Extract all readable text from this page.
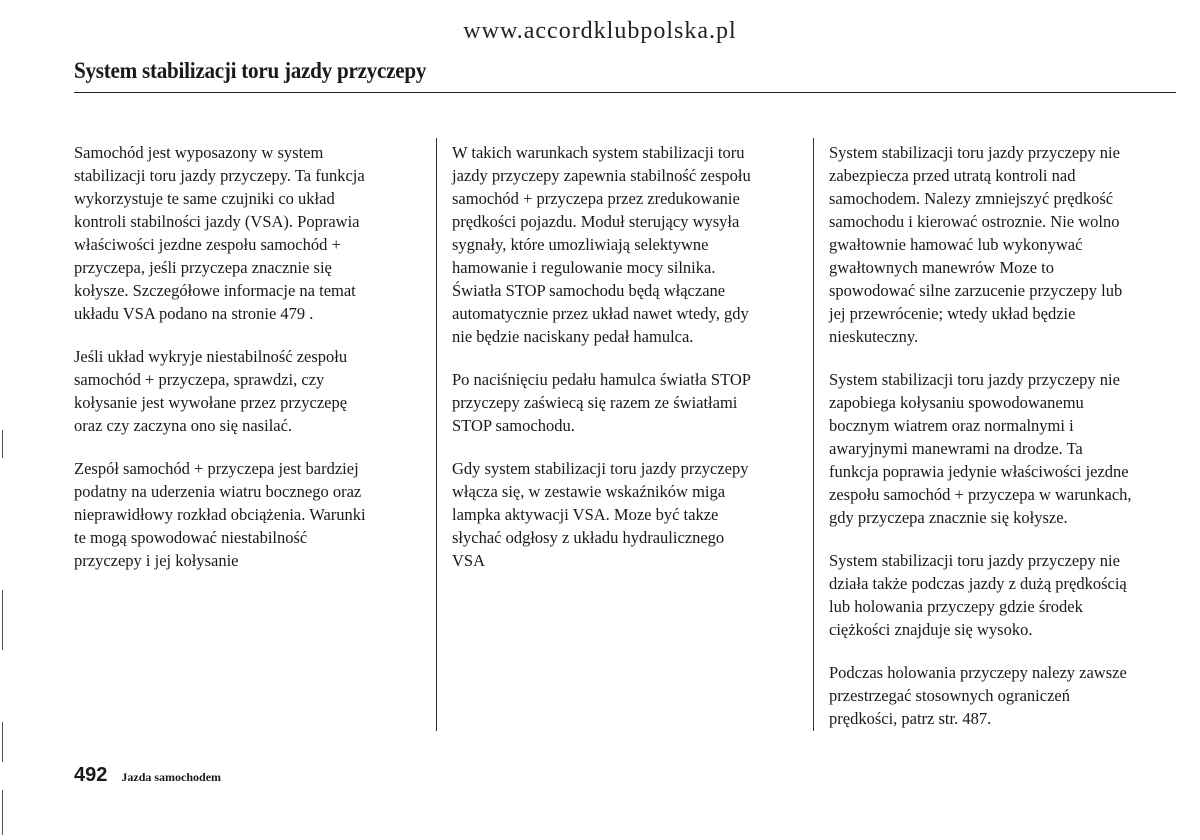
www.accordklubpolska.pl
System stabilizacji toru jazdy przyczepy

Samochód jest wyposazony w system
stabilizacji toru jazdy przyczepy. Ta funkcja
wykorzystuje te same czujniki co układ
kontroli stabilności jazdy (VSA). Poprawia
właściwości jezdne zespołu samochód +
przyczepa, jeśli przyczepa znacznie się
kołysze. Szczegółowe informacje na temat
układu VSA podano na stronie 479 .

Jeśli układ wykryje niestabilność zespołu
samochód + przyczepa, sprawdzi, czy
kołysanie jest wywołane przez przyczepę
oraz czy zaczyna ono się nasilać.

Zespół samochód + przyczepa jest bardziej
podatny na uderzenia wiatru bocznego oraz
nieprawidłowy rozkład obciążenia. Warunki
te mogą spowodować niestabilność
przyczepy i jej kołysanie

W takich warunkach system stabilizacji toru
jazdy przyczepy zapewnia stabilność zespołu
samochód + przyczepa przez zredukowanie
prędkości pojazdu. Moduł sterujący wysyła
sygnały, które umozliwiają selektywne
hamowanie i regulowanie mocy silnika.
Światła STOP samochodu będą włączane
automatycznie przez układ nawet wtedy, gdy
nie będzie naciskany pedał hamulca.

Po naciśnięciu pedału hamulca światła STOP
przyczepy zaświecą się razem ze światłami
STOP samochodu.

Gdy system stabilizacji toru jazdy przyczepy
włącza się, w zestawie wskaźników miga
lampka aktywacji VSA. Moze być takze
słychać odgłosy z układu hydraulicznego
VSA

System stabilizacji toru jazdy przyczepy nie
zabezpiecza przed utratą kontroli nad
samochodem. Nalezy zmniejszyć prędkość
samochodu i kierować ostroznie. Nie wolno
gwałtownie hamować lub wykonywać
gwałtownych manewrów Moze to
spowodować silne zarzucenie przyczepy lub
jej przewrócenie; wtedy układ będzie
nieskuteczny.

System stabilizacji toru jazdy przyczepy nie
zapobiega kołysaniu spowodowanemu
bocznym wiatrem oraz normalnymi i
awaryjnymi manewrami na drodze. Ta
funkcja poprawia jedynie właściwości jezdne
zespołu samochód + przyczepa w warunkach,
gdy przyczepa znacznie się kołysze.

System stabilizacji toru jazdy przyczepy nie
działa także podczas jazdy z dużą prędkością
lub holowania przyczepy gdzie środek
ciężkości znajduje się wysoko.

Podczas holowania przyczepy nalezy zawsze
przestrzegać stosownych ograniczeń
prędkości, patrz str. 487.

492 Jazda samochodem
